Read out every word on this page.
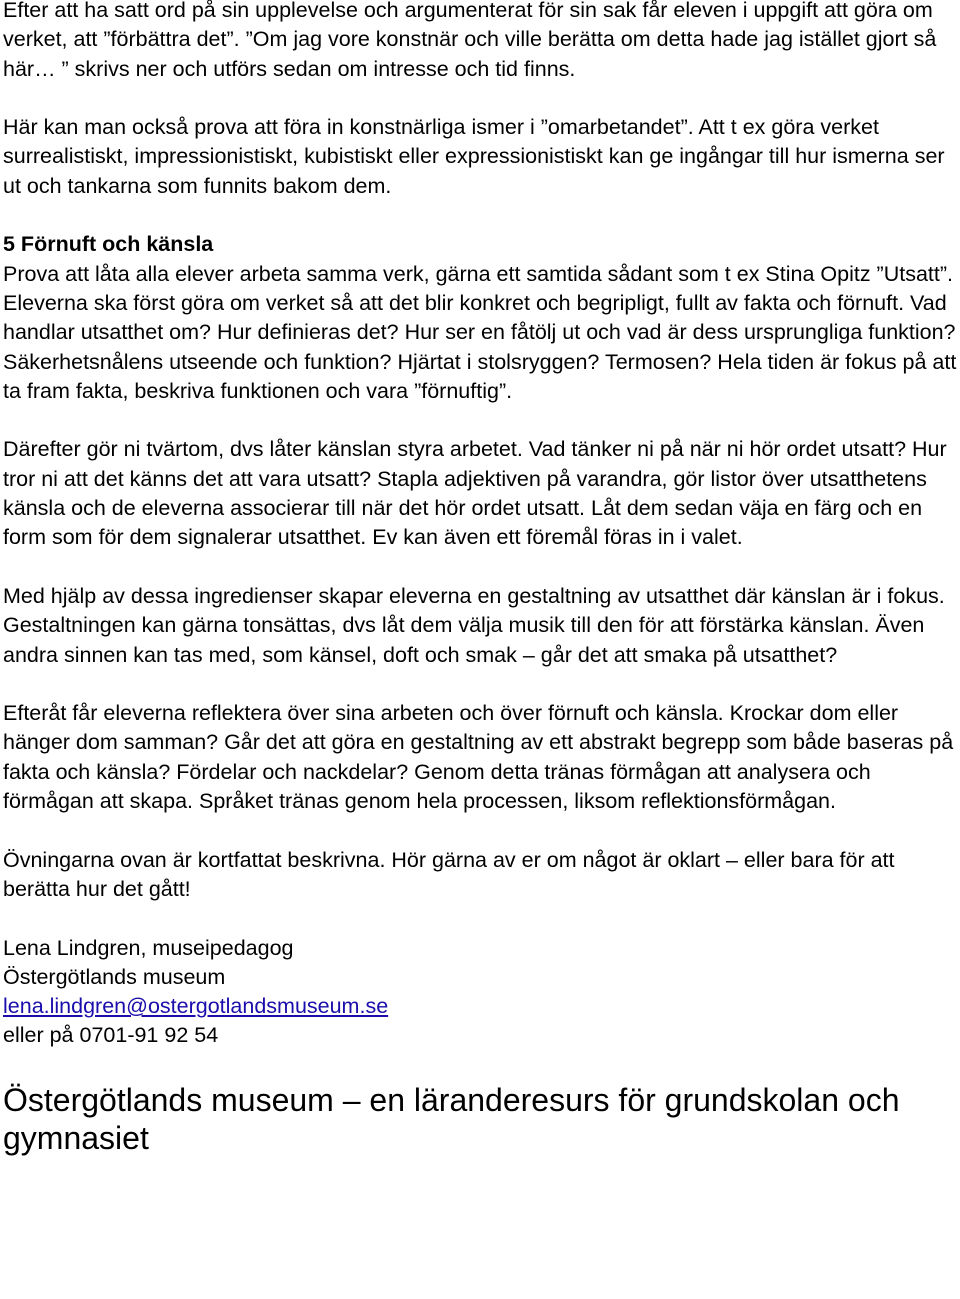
Efter att ha satt ord på sin upplevelse och argumenterat för sin sak får eleven i uppgift att göra om verket, att ”förbättra det”. ”Om jag vore konstnär och ville berätta om detta hade jag istället gjort så här… ” skrivs ner och utförs sedan om intresse och tid finns.

Här kan man också prova att föra in konstnärliga ismer i ”omarbetandet”. Att t ex göra verket surrealistiskt, impressionistiskt, kubistiskt eller expressionistiskt kan ge ingångar till hur ismerna ser ut och tankarna som funnits bakom dem.

5 Förnuft och känsla

Prova att låta alla elever arbeta samma verk, gärna ett samtida sådant som t ex Stina Opitz ”Utsatt”. Eleverna ska först göra om verket så att det blir konkret och begripligt, fullt av fakta och förnuft. Vad handlar utsatthet om? Hur definieras det? Hur ser en fåtölj ut och vad är dess ursprungliga funktion? Säkerhetsnålens utseende och funktion? Hjärtat i stolsryggen? Termosen? Hela tiden är fokus på att ta fram fakta, beskriva funktionen och vara ”förnuftig”.

Därefter gör ni tvärtom, dvs låter känslan styra arbetet. Vad tänker ni på när ni hör ordet utsatt? Hur tror ni att det känns det att vara utsatt? Stapla adjektiven på varandra, gör listor över utsatthetens känsla och de eleverna associerar till när det hör ordet utsatt. Låt dem sedan väja en färg och en form som för dem signalerar utsatthet. Ev kan även ett föremål föras in i valet.

Med hjälp av dessa ingredienser skapar eleverna en gestaltning av utsatthet där känslan är i fokus. Gestaltningen kan gärna tonsättas, dvs låt dem välja musik till den för att förstärka känslan. Även andra sinnen kan tas med, som känsel, doft och smak – går det att smaka på utsatthet?

Efteråt får eleverna reflektera över sina arbeten och över förnuft och känsla. Krockar dom eller hänger dom samman? Går det att göra en gestaltning av ett abstrakt begrepp som både baseras på fakta och känsla? Fördelar och nackdelar? Genom detta tränas förmågan att analysera och förmågan att skapa. Språket tränas genom hela processen, liksom reflektionsförmågan.

Övningarna ovan är kortfattat beskrivna. Hör gärna av er om något är oklart – eller bara för att berätta hur det gått!

Lena Lindgren, museipedagog
Östergötlands museum
lena.lindgren@ostergotlandsmuseum.se
eller på 0701-91 92 54
Östergötlands museum – en läranderesurs för grundskolan och gymnasiet
